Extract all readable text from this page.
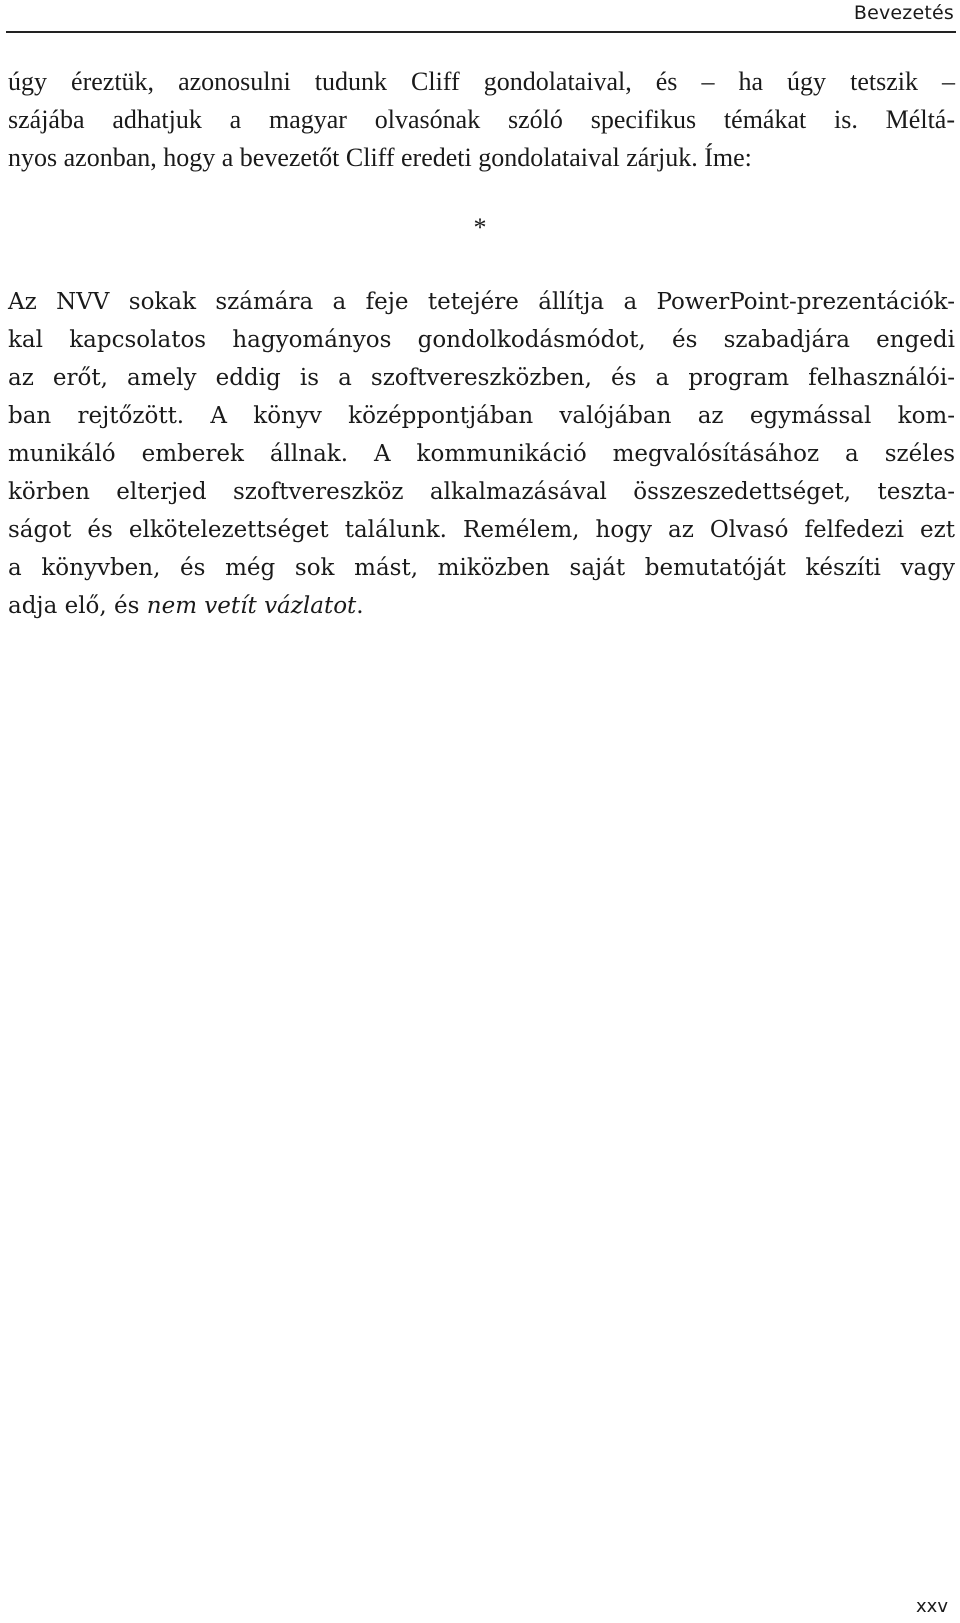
Bevezetés
úgy éreztük, azonosulni tudunk Cliff gondolataival, és – ha úgy tetszik –
szájába adhatjuk a magyar olvasónak szóló specifikus témákat is. Méltá-
nyos azonban, hogy a bevezetőt Cliff eredeti gondolataival zárjuk. Íme:
*
Az NVV sokak számára a feje tetejére állítja a PowerPoint-prezentációk-
kal kapcsolatos hagyományos gondolkodásmódot, és szabadjára engedi
az erőt, amely eddig is a szoftvereszközben, és a program felhasználói-
ban rejtőzött. A könyv középpontjában valójában az egymással kom-
munikáló emberek állnak. A kommunikáció megvalósításához a széles
körben elterjed szoftvereszköz alkalmazásával összeszedettséget, teszta-
ságot és elkötelezettséget találunk. Remélem, hogy az Olvasó felfedezi ezt
a könyvben, és még sok mást, miközben saját bemutatóját készíti vagy
adja elő, és nem vetít vázlatot.
xxv
